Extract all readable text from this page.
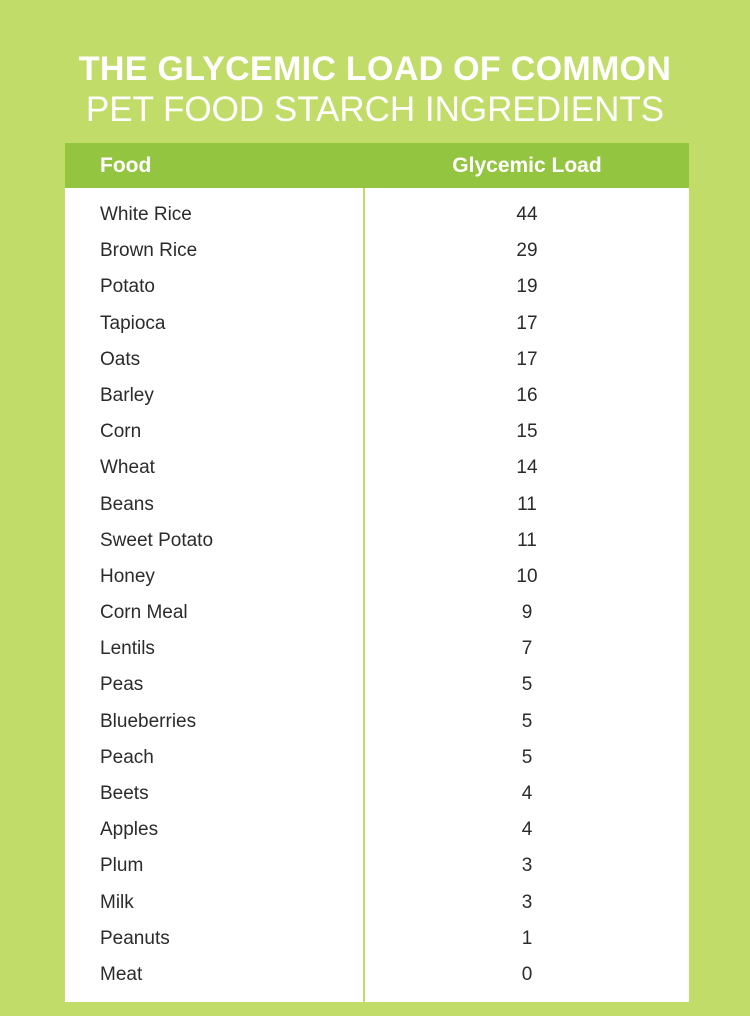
THE GLYCEMIC LOAD OF COMMON
PET FOOD STARCH INGREDIENTS
Food	Glycemic Load
White Rice	44
Brown Rice	29
Potato	19
Tapioca	17
Oats	17
Barley	16
Corn	15
Wheat	14
Beans	11
Sweet Potato	11
Honey	10
Corn Meal	9
Lentils	7
Peas	5
Blueberries	5
Peach	5
Beets	4
Apples	4
Plum	3
Milk	3
Peanuts	1
Meat	0
